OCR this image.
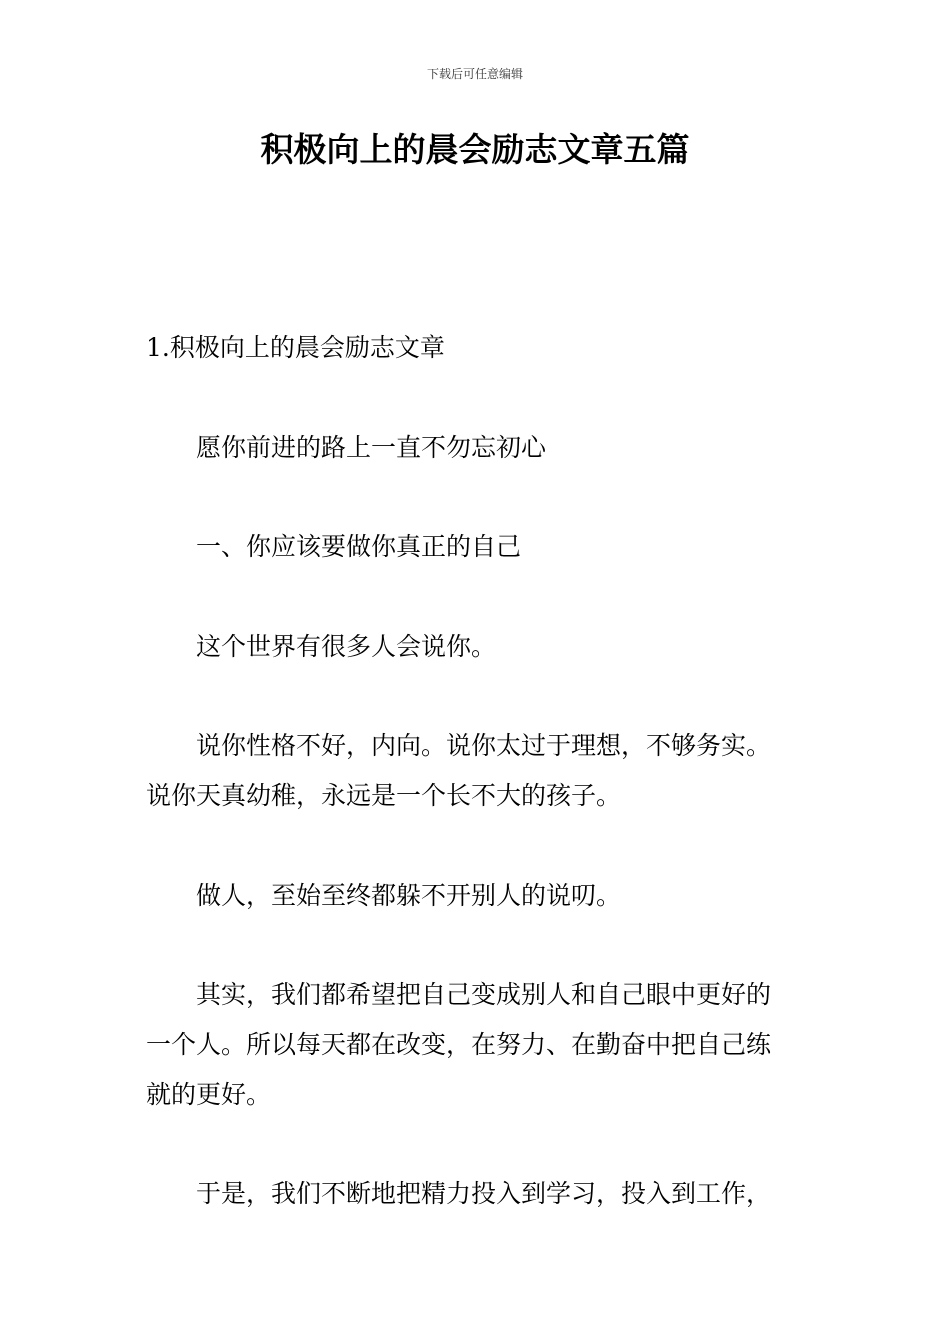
下载后可任意编辑
积极向上的晨会励志文章五篇
1.积极向上的晨会励志文章
愿你前进的路上一直不勿忘初心
一、你应该要做你真正的自己
这个世界有很多人会说你。
说你性格不好，内向。说你太过于理想，不够务实。
说你天真幼稚，永远是一个长不大的孩子。
做人，至始至终都躲不开别人的说叨。
其实，我们都希望把自己变成别人和自己眼中更好的
一个人。所以每天都在改变，在努力、在勤奋中把自己练
就的更好。
于是，我们不断地把精力投入到学习，投入到工作，
